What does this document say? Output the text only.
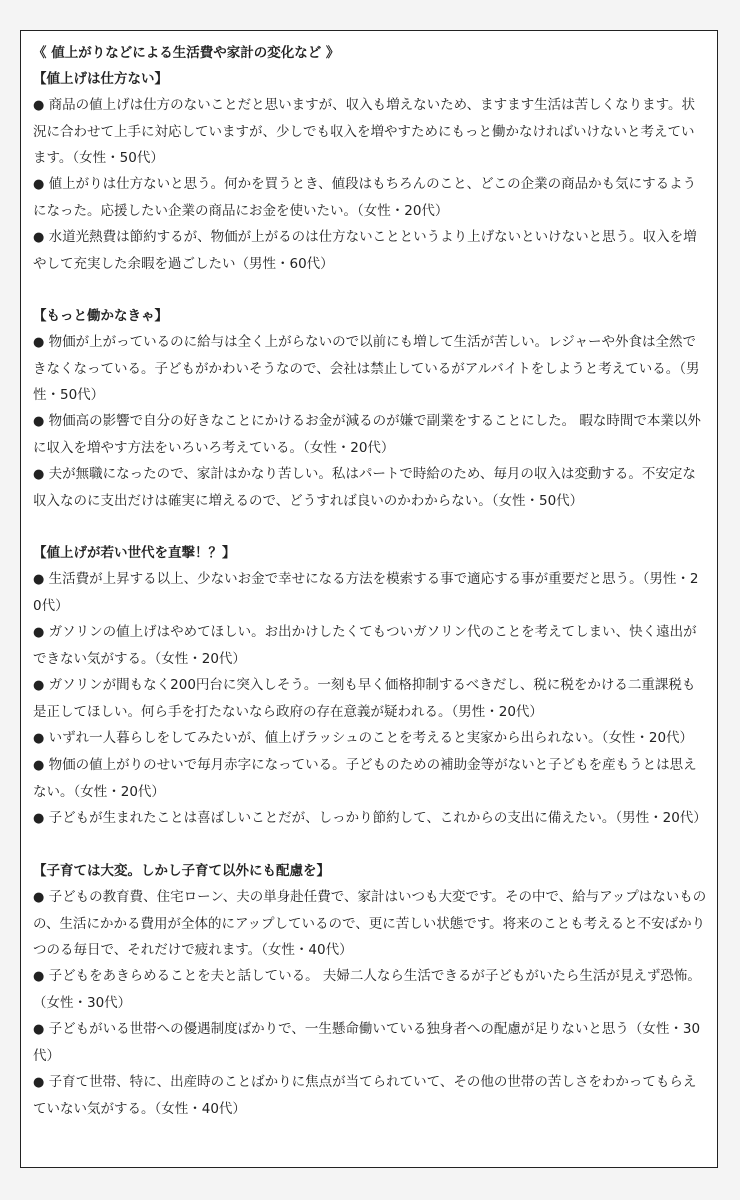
《 値上がりなどによる生活費や家計の変化など 》

【値上げは仕方ない】

● 商品の値上げは仕方のないことだと思いますが、収入も増えないため、ますます生活は苦しくなります。状況に合わせて上手に対応していますが、少しでも収入を増やすためにもっと働かなければいけないと考えています。（女性・50代）

● 値上がりは仕方ないと思う。何かを買うとき、値段はもちろんのこと、どこの企業の商品かも気にするようになった。応援したい企業の商品にお金を使いたい。（女性・20代）

● 水道光熱費は節約するが、物価が上がるのは仕方ないことというより上げないといけないと思う。収入を増やして充実した余暇を過ごしたい（男性・60代）

【もっと働かなきゃ】

● 物価が上がっているのに給与は全く上がらないので以前にも増して生活が苦しい。レジャーや外食は全然できなくなっている。子どもがかわいそうなので、会社は禁止しているがアルバイトをしようと考えている。（男性・50代）

● 物価高の影響で自分の好きなことにかけるお金が減るのが嫌で副業をすることにした。 暇な時間で本業以外に収入を増やす方法をいろいろ考えている。（女性・20代）

● 夫が無職になったので、家計はかなり苦しい。私はパートで時給のため、毎月の収入は変動する。不安定な収入なのに支出だけは確実に増えるので、どうすれば良いのかわからない。（女性・50代）

【値上げが若い世代を直撃！？】

● 生活費が上昇する以上、少ないお金で幸せになる方法を模索する事で適応する事が重要だと思う。（男性・20代）

● ガソリンの値上げはやめてほしい。お出かけしたくてもついガソリン代のことを考えてしまい、快く遠出ができない気がする。（女性・20代）

● ガソリンが間もなく200円台に突入しそう。一刻も早く価格抑制するべきだし、税に税をかける二重課税も是正してほしい。何ら手を打たないなら政府の存在意義が疑われる。（男性・20代）

● いずれ一人暮らしをしてみたいが、値上げラッシュのことを考えると実家から出られない。（女性・20代）

● 物価の値上がりのせいで毎月赤字になっている。子どものための補助金等がないと子どもを産もうとは思えない。（女性・20代）

● 子どもが生まれたことは喜ばしいことだが、しっかり節約して、これからの支出に備えたい。（男性・20代）

【子育ては大変。しかし子育て以外にも配慮を】

● 子どもの教育費、住宅ローン、夫の単身赴任費で、家計はいつも大変です。その中で、給与アップはないものの、生活にかかる費用が全体的にアップしているので、更に苦しい状態です。将来のことも考えると不安ばかりつのる毎日で、それだけで疲れます。（女性・40代）

● 子どもをあきらめることを夫と話している。 夫婦二人なら生活できるが子どもがいたら生活が見えず恐怖。（女性・30代）

● 子どもがいる世帯への優遇制度ばかりで、一生懸命働いている独身者への配慮が足りないと思う（女性・30代）

● 子育て世帯、特に、出産時のことばかりに焦点が当てられていて、その他の世帯の苦しさをわかってもらえていない気がする。（女性・40代）
